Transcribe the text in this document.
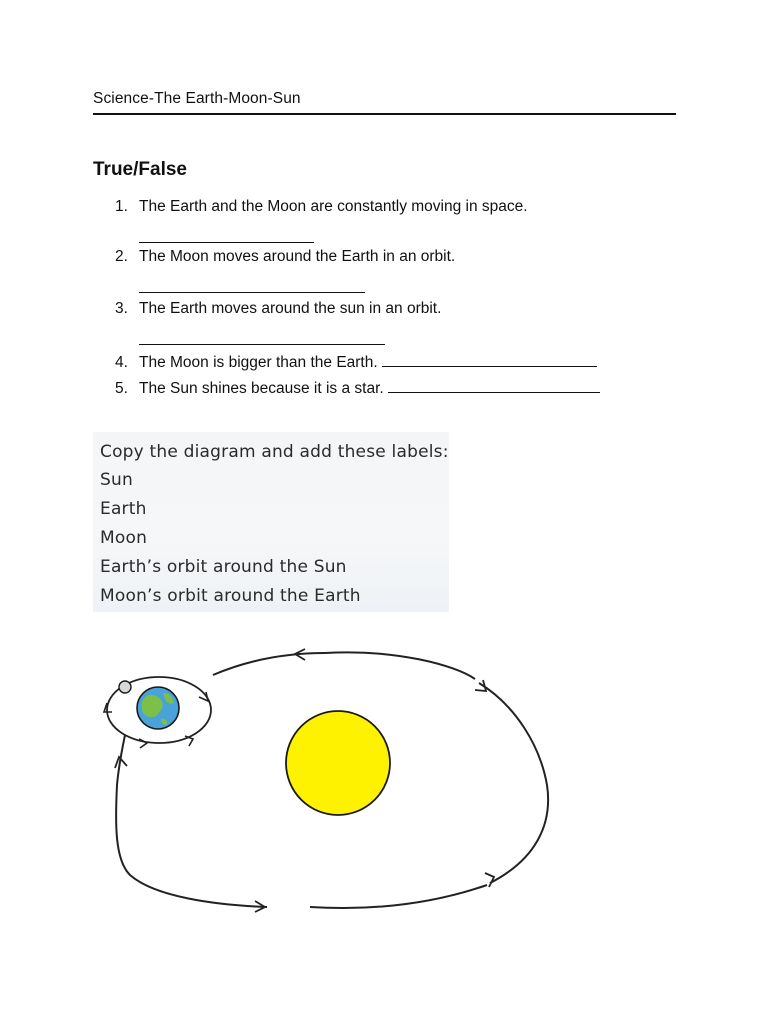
Science-The Earth-Moon-Sun
True/False
1. The Earth and the Moon are constantly moving in space.
2. The Moon moves around the Earth in an orbit.
3. The Earth moves around the sun in an orbit.
4. The Moon is bigger than the Earth.
5. The Sun shines because it is a star.
Copy the diagram and add these labels:
Sun
Earth
Moon
Earth’s orbit around the Sun
Moon’s orbit around the Earth
